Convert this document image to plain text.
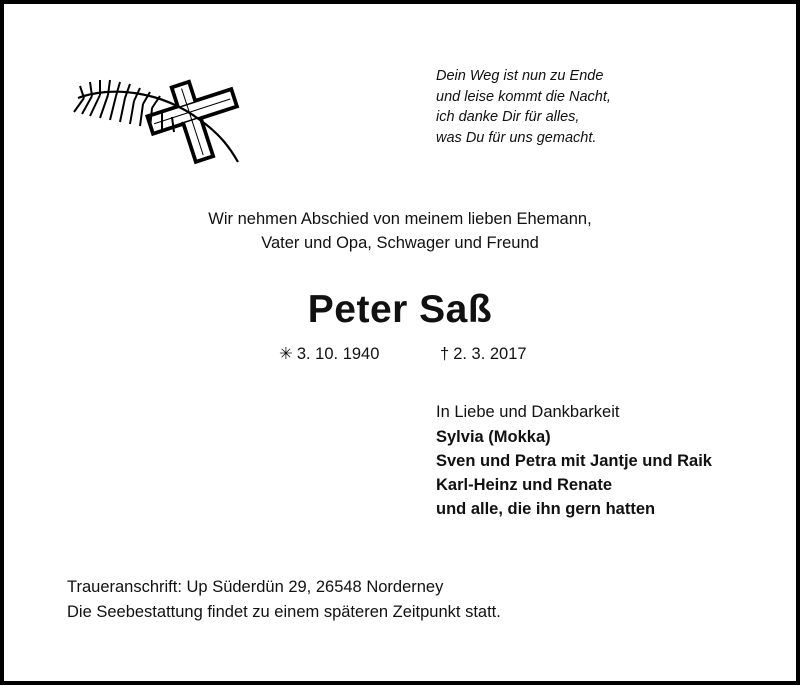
Dein Weg ist nun zu Ende
und leise kommt die Nacht,
ich danke Dir für alles,
was Du für uns gemacht.
Wir nehmen Abschied von meinem lieben Ehemann,
Vater und Opa, Schwager und Freund
Peter Saß
✳ 3. 10. 1940	† 2. 3. 2017
In Liebe und Dankbarkeit
Sylvia (Mokka)
Sven und Petra mit Jantje und Raik
Karl-Heinz und Renate
und alle, die ihn gern hatten
Traueranschrift: Up Süderdün 29, 26548 Norderney
Die Seebestattung findet zu einem späteren Zeitpunkt statt.
